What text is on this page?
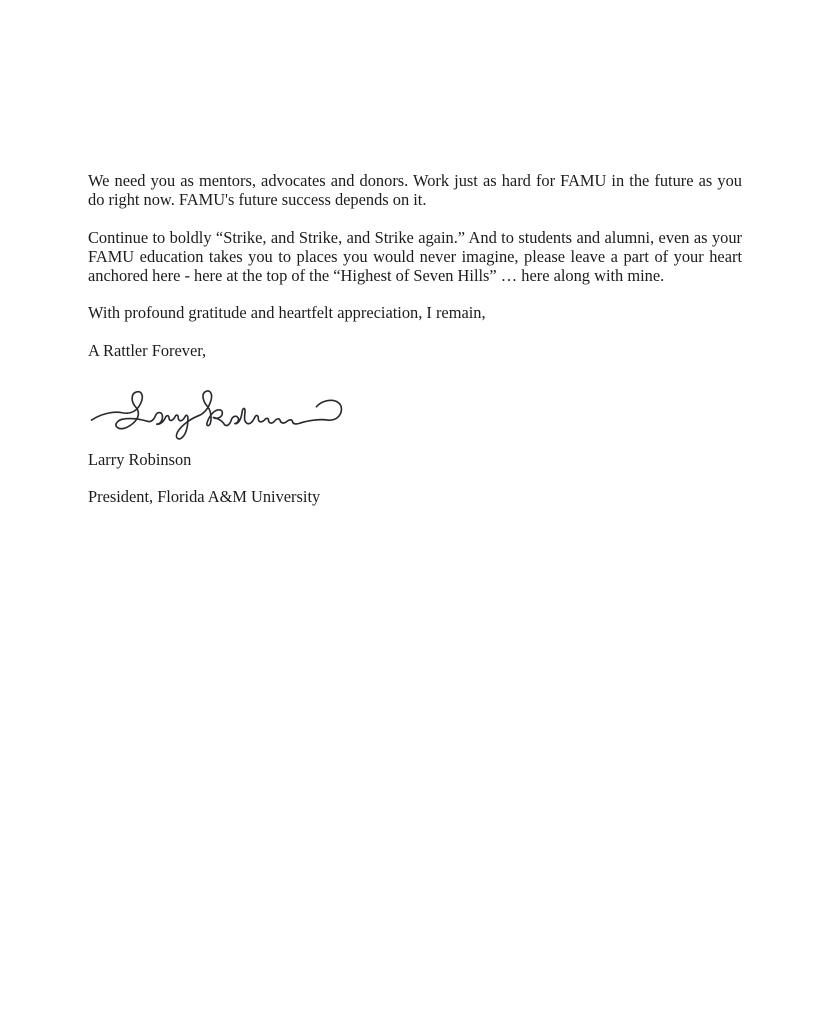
We need you as mentors, advocates and donors. Work just as hard for FAMU in the future as you do right now. FAMU's future success depends on it.

Continue to boldly “Strike, and Strike, and Strike again.” And to students and alumni, even as your FAMU education takes you to places you would never imagine, please leave a part of your heart anchored here - here at the top of the “Highest of Seven Hills” … here along with mine.

With profound gratitude and heartfelt appreciation, I remain,

A Rattler Forever,

Larry Robinson

President, Florida A&M University
